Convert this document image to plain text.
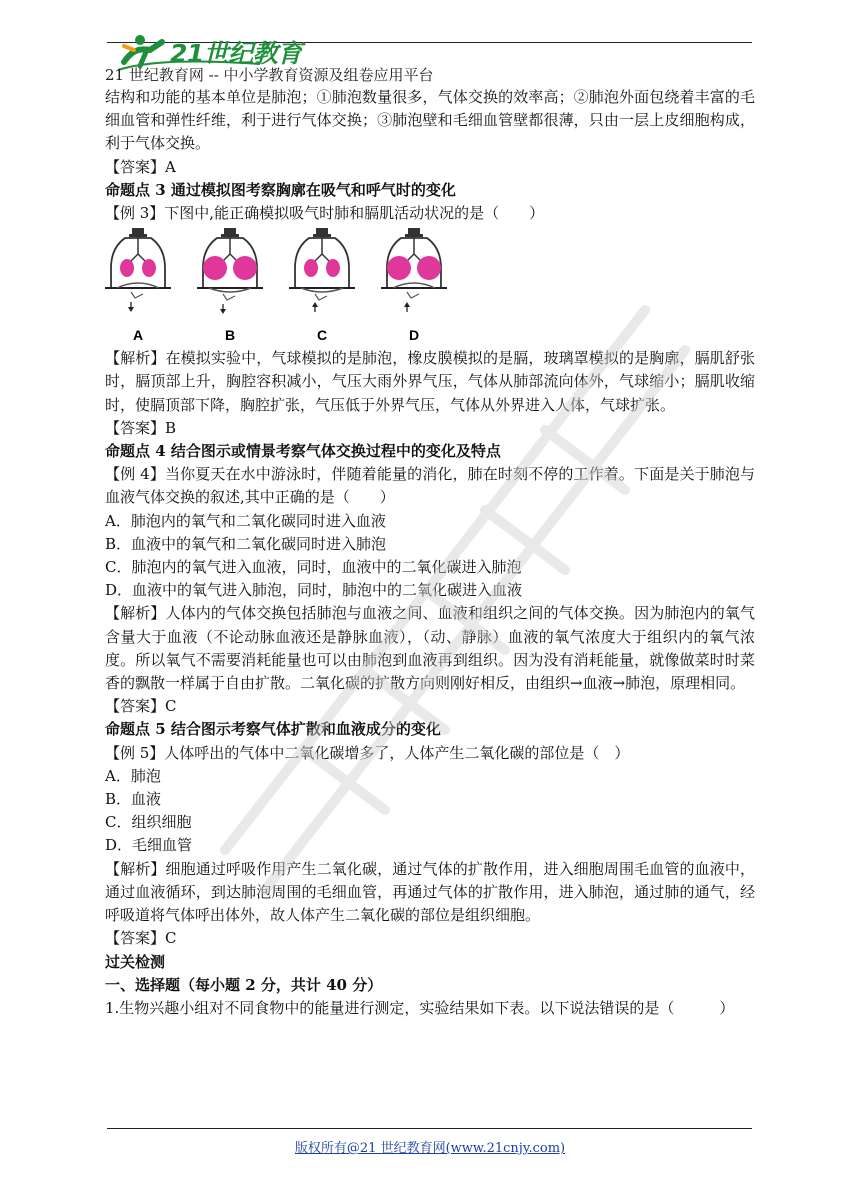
21世纪教育
21 世纪教育网 -- 中小学教育资源及组卷应用平台

结构和功能的基本单位是肺泡；①肺泡数量很多，气体交换的效率高；②肺泡外面包绕着丰富的毛细血管和弹性纤维，利于进行气体交换；③肺泡壁和毛细血管壁都很薄，只由一层上皮细胞构成，利于气体交换。

【答案】A

命题点 3 通过模拟图考察胸廓在吸气和呼气时的变化

【例 3】下图中,能正确模拟吸气时肺和膈肌活动状况的是（　　）

A	B	C	D

【解析】在模拟实验中，气球模拟的是肺泡，橡皮膜模拟的是膈，玻璃罩模拟的是胸廓，膈肌舒张时，膈顶部上升，胸腔容积减小，气压大雨外界气压，气体从肺部流向体外，气球缩小；膈肌收缩时，使膈顶部下降，胸腔扩张，气压低于外界气压，气体从外界进入人体，气球扩张。

【答案】B

命题点 4 结合图示或情景考察气体交换过程中的变化及特点

【例 4】当你夏天在水中游泳时，伴随着能量的消化，肺在时刻不停的工作着。下面是关于肺泡与血液气体交换的叙述,其中正确的是（　　）

A．肺泡内的氧气和二氧化碳同时进入血液

B．血液中的氧气和二氧化碳同时进入肺泡

C．肺泡内的氧气进入血液，同时，血液中的二氧化碳进入肺泡

D．血液中的氧气进入肺泡，同时，肺泡中的二氧化碳进入血液

【解析】人体内的气体交换包括肺泡与血液之间、血液和组织之间的气体交换。因为肺泡内的氧气含量大于血液（不论动脉血液还是静脉血液），（动、静脉）血液的氧气浓度大于组织内的氧气浓度。所以氧气不需要消耗能量也可以由肺泡到血液再到组织。因为没有消耗能量，就像做菜时时菜香的飘散一样属于自由扩散。二氧化碳的扩散方向则刚好相反，由组织→血液→肺泡，原理相同。

【答案】C

命题点 5 结合图示考察气体扩散和血液成分的变化

【例 5】人体呼出的气体中二氧化碳增多了，人体产生二氧化碳的部位是（　）

A．肺泡

B．血液

C．组织细胞

D．毛细血管

【解析】细胞通过呼吸作用产生二氧化碳，通过气体的扩散作用，进入细胞周围毛血管的血液中，通过血液循环，到达肺泡周围的毛细血管，再通过气体的扩散作用，进入肺泡，通过肺的通气，经呼吸道将气体呼出体外，故人体产生二氧化碳的部位是组织细胞。

【答案】C

过关检测

一、选择题（每小题 2 分，共计 40 分）

1.生物兴趣小组对不同食物中的能量进行测定，实验结果如下表。以下说法错误的是（　　　）

版权所有@21 世纪教育网(www.21cnjy.com)
